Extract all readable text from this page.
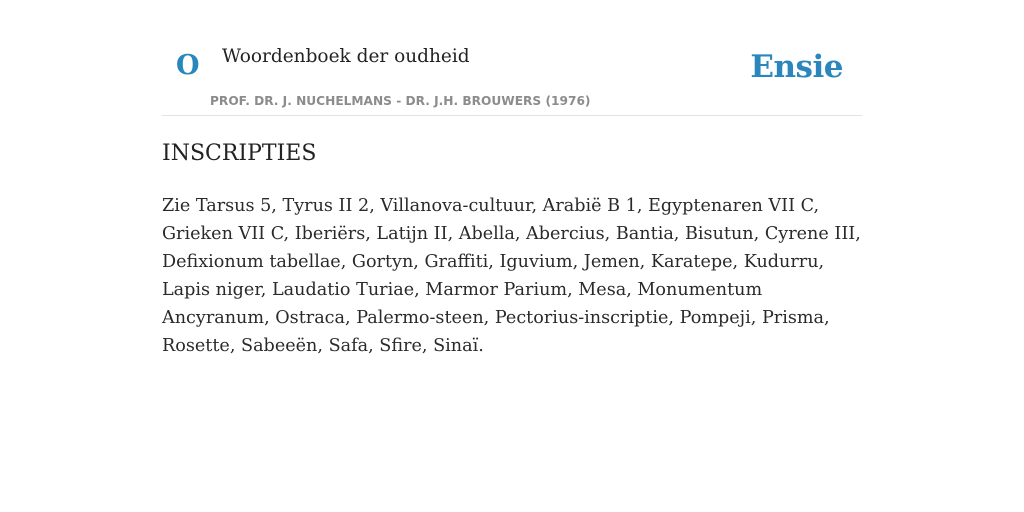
O Woordenboek der oudheid
PROF. DR. J. NUCHELMANS - DR. J.H. BROUWERS (1976)
Ensie
INSCRIPTIES

Zie Tarsus 5, Tyrus II 2, Villanova-cultuur, Arabië B 1, Egyptenaren VII C, Grieken VII C, Iberiërs, Latijn II, Abella, Abercius, Bantia, Bisutun, Cyrene III, Defixionum tabellae, Gortyn, Graffiti, Iguvium, Jemen, Karatepe, Kudurru, Lapis niger, Laudatio Turiae, Marmor Parium, Mesa, Monumentum Ancyranum, Ostraca, Palermo-steen, Pectorius-inscriptie, Pompeji, Prisma, Rosette, Sabeeën, Safa, Sfire, Sinaï.
